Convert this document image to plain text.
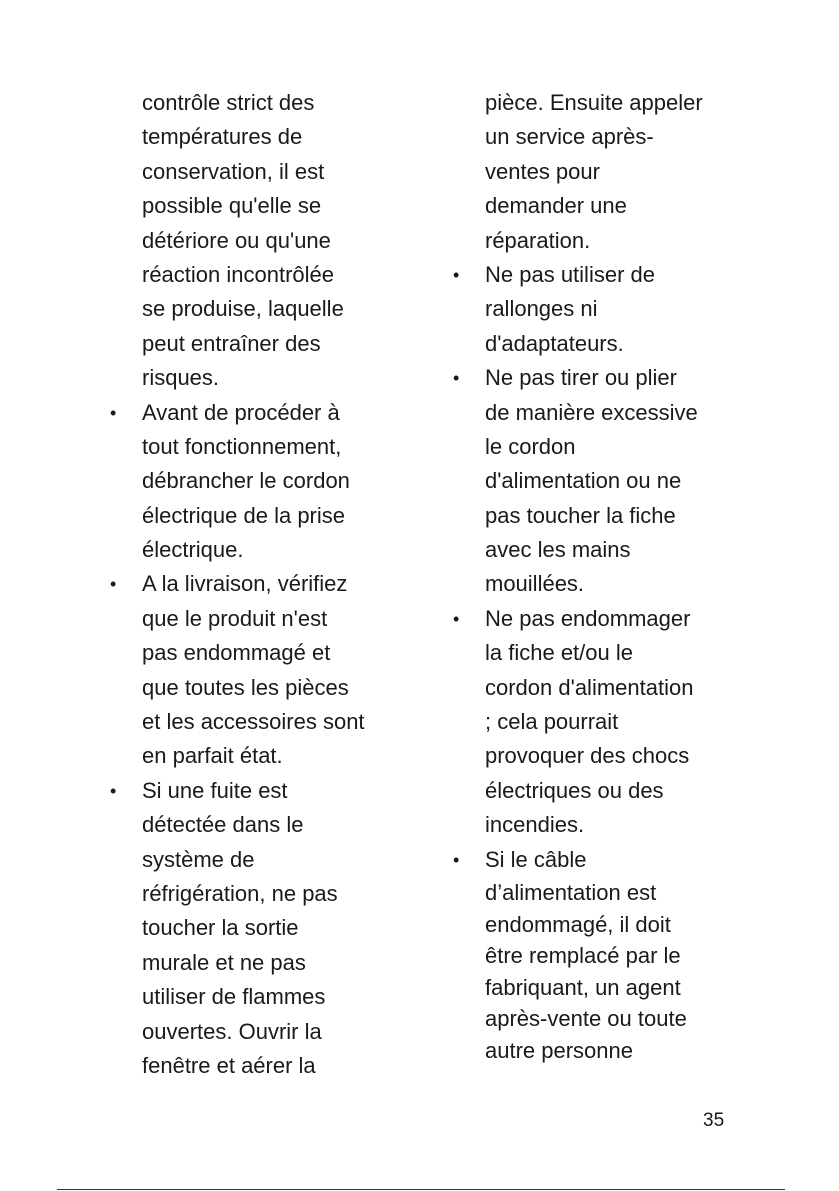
contrôle strict des
températures de
conservation, il est
possible qu'elle se
détériore ou qu'une
réaction incontrôlée
se produise, laquelle
peut entraîner des
risques.
• Avant de procéder à
tout fonctionnement,
débrancher le cordon
électrique de la prise
électrique.
• A la livraison, vérifiez
que le produit n'est
pas endommagé et
que toutes les pièces
et les accessoires sont
en parfait état.
• Si une fuite est
détectée dans le
système de
réfrigération, ne pas
toucher la sortie
murale et ne pas
utiliser de flammes
ouvertes. Ouvrir la
fenêtre et aérer la
pièce. Ensuite appeler
un service après-
ventes pour
demander une
réparation.
• Ne pas utiliser de
rallonges ni
d'adaptateurs.
• Ne pas tirer ou plier
de manière excessive
le cordon
d'alimentation ou ne
pas toucher la fiche
avec les mains
mouillées.
• Ne pas endommager
la fiche et/ou le
cordon d'alimentation
; cela pourrait
provoquer des chocs
électriques ou des
incendies.
• Si le câble
d’alimentation est
endommagé, il doit
être remplacé par le
fabriquant, un agent
après-vente ou toute
autre personne
35
